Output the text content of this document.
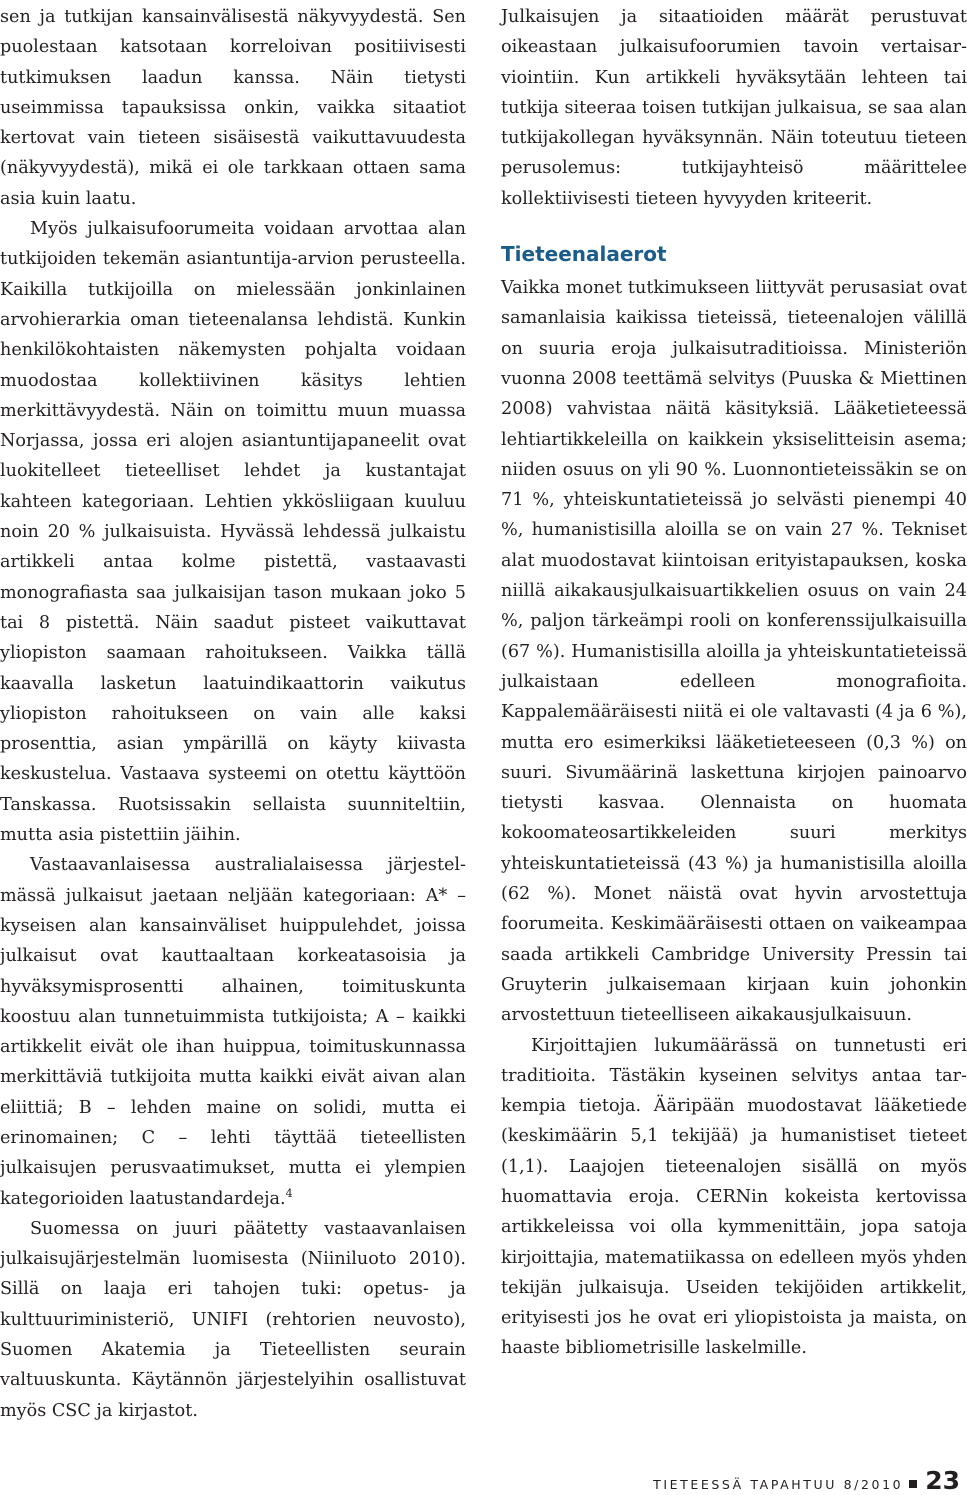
sen ja tutkijan kansainvälisestä näkyvyydestä. Sen puolestaan katsotaan korreloivan positiivisesti tutkimuksen laadun kanssa. Näin tietysti useimmissa tapauksissa onkin, vaikka sitaatiot kertovat vain tieteen sisäisestä vaikuttavuudesta (näkyvyydestä), mikä ei ole tarkkaan ottaen sama asia kuin laatu.

Myös julkaisufoorumeita voidaan arvottaa alan tutkijoiden tekemän asiantuntija-arvion perusteella. Kaikilla tutkijoilla on mielessään jonkinlainen arvohierarkia oman tieteenalansa lehdistä. Kunkin henkilökohtaisten näkemysten pohjalta voidaan muodostaa kollektiivinen käsitys lehtien merkittävyydestä. Näin on toimittu muun muassa Norjassa, jossa eri alojen asiantuntijapaneelit ovat luokitelleet tieteelliset lehdet ja kustantajat kahteen kategoriaan. Lehtien ykkösliigaan kuuluu noin 20 % julkaisuista. Hyvässä lehdessä julkaistu artikkeli antaa kolme pistettä, vastaavasti monografiasta saa julkaisijan tason mukaan joko 5 tai 8 pistettä. Näin saadut pisteet vaikuttavat yliopiston saamaan rahoitukseen. Vaikka tällä kaavalla lasketun laatuindikaattorin vaikutus yliopiston rahoitukseen on vain alle kaksi prosenttia, asian ympärillä on käyty kiivasta keskustelua. Vastaava systeemi on otettu käyttöön Tanskassa. Ruotsissakin sellaista suunniteltiin, mutta asia pistettiin jäihin.

Vastaavanlaisessa australialaisessa järjestelmässä julkaisut jaetaan neljään kategoriaan: A* – kyseisen alan kansainväliset huippulehdet, joissa julkaisut ovat kauttaaltaan korkeatasoisia ja hyväksymisprosentti alhainen, toimituskunta koostuu alan tunnetuimmista tutkijoista; A – kaikki artikkelit eivät ole ihan huippua, toimituskunnassa merkittäviä tutkijoita mutta kaikki eivät aivan alan eliittiä; B – lehden maine on solidi, mutta ei erinomainen; C – lehti täyttää tieteellisten julkaisujen perusvaatimukset, mutta ei ylempien kategorioiden laatustandardeja.$^4$

Suomessa on juuri päätetty vastaavanlaisen julkaisujärjestelmän luomisesta (Niiniluoto 2010). Sillä on laaja eri tahojen tuki: opetus- ja kulttuuriministeriö, UNIFI (rehtorien neuvosto), Suomen Akatemia ja Tieteellisten seurain valtuuskunta. Käytännön järjestelyihin osallistuvat myös CSC ja kirjastot.

Julkaisujen ja sitaatioiden määrät perustuvat oikeastaan julkaisufoorumien tavoin vertaisarviointiin. Kun artikkeli hyväksytään lehteen tai tutkija siteeraa toisen tutkijan julkaisua, se saa alan tutkijakollegan hyväksynnän. Näin toteutuu tieteen perusolemus: tutkijayhteisö määrittelee kollektiivisesti tieteen hyvyyden kriteerit.

Tieteenalaerot

Vaikka monet tutkimukseen liittyvät perusasiat ovat samanlaisia kaikissa tieteissä, tieteenalojen välillä on suuria eroja julkaisutraditioissa. Ministeriön vuonna 2008 teettämä selvitys (Puuska & Miettinen 2008) vahvistaa näitä käsityksiä. Lääketieteessä lehtiartikkeleilla on kaikkein yksiselitteisin asema; niiden osuus on yli 90 %. Luonnontieteissäkin se on 71 %, yhteiskuntatieteissä jo selvästi pienempi 40 %, humanistisilla aloilla se on vain 27 %. Tekniset alat muodostavat kiintoisan erityistapauksen, koska niillä aikakausjulkaisuartikkelien osuus on vain 24 %, paljon tärkeämpi rooli on konferenssijulkaisuilla (67 %). Humanistisilla aloilla ja yhteiskuntatieteissä julkaistaan edelleen monografioita. Kappalemääräisesti niitä ei ole valtavasti (4 ja 6 %), mutta ero esimerkiksi lääketieteeseen (0,3 %) on suuri. Sivumäärinä laskettuna kirjojen painoarvo tietysti kasvaa. Olennaista on huomata kokoomateosartikkeleiden suuri merkitys yhteiskuntatieteissä (43 %) ja humanistisilla aloilla (62 %). Monet näistä ovat hyvin arvostettuja foorumeita. Keskimääräisesti ottaen on vaikeampaa saada artikkeli Cambridge University Pressin tai Gruyterin julkaisemaan kirjaan kuin johonkin arvostettuun tieteelliseen aikakausjulkaisuun.

Kirjoittajien lukumäärässä on tunnetusti eri traditioita. Tästäkin kyseinen selvitys antaa tarkempia tietoja. Ääripään muodostavat lääketiede (keskimäärin 5,1 tekijää) ja humanistiset tieteet (1,1). Laajojen tieteenalojen sisällä on myös huomattavia eroja. CERNin kokeista kertovissa artikkeleissa voi olla kymmenittäin, jopa satoja kirjoittajia, matematiikassa on edelleen myös yhden tekijän julkaisuja. Useiden tekijöiden artikkelit, erityisesti jos he ovat eri yliopistoista ja maista, on haaste bibliometrisille laskelmille.

TIETEESSÄ TAPAHTUU 8/2010 23
